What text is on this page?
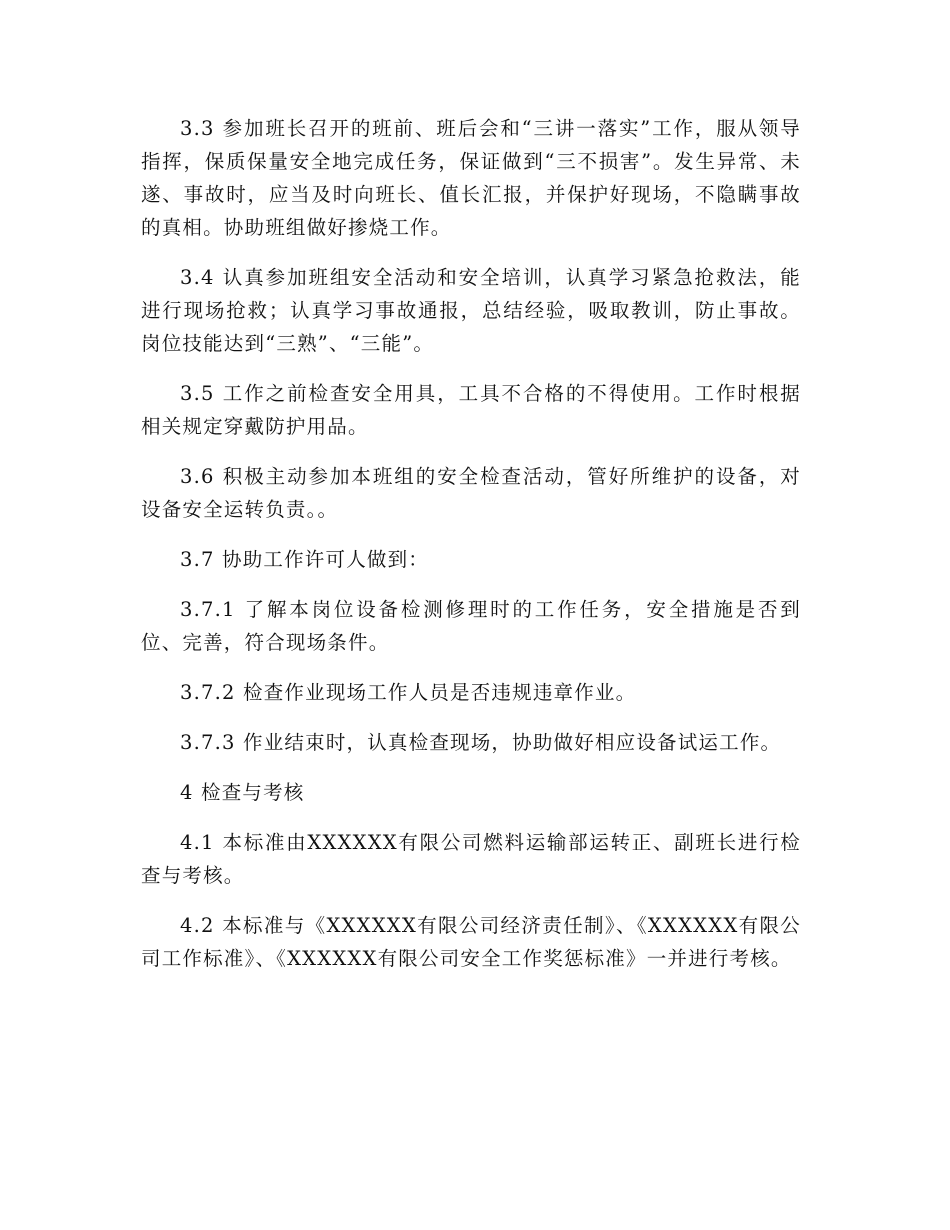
3.3 参加班长召开的班前、班后会和“三讲一落实”工作，服从领导指挥，保质保量安全地完成任务，保证做到“三不损害”。发生异常、未遂、事故时，应当及时向班长、值长汇报，并保护好现场，不隐瞒事故的真相。协助班组做好掺烧工作。

3.4 认真参加班组安全活动和安全培训，认真学习紧急抢救法，能进行现场抢救；认真学习事故通报，总结经验，吸取教训，防止事故。岗位技能达到“三熟”、“三能”。

3.5 工作之前检查安全用具，工具不合格的不得使用。工作时根据相关规定穿戴防护用品。

3.6 积极主动参加本班组的安全检查活动，管好所维护的设备，对设备安全运转负责。。

3.7 协助工作许可人做到：

3.7.1 了解本岗位设备检测修理时的工作任务，安全措施是否到位、完善，符合现场条件。

3.7.2 检查作业现场工作人员是否违规违章作业。

3.7.3 作业结束时，认真检查现场，协助做好相应设备试运工作。

4 检查与考核

4.1 本标准由XXXXXX有限公司燃料运输部运转正、副班长进行检查与考核。

4.2 本标准与《XXXXXX有限公司经济责任制》、《XXXXXX有限公司工作标准》、《XXXXXX有限公司安全工作奖惩标准》一并进行考核。
